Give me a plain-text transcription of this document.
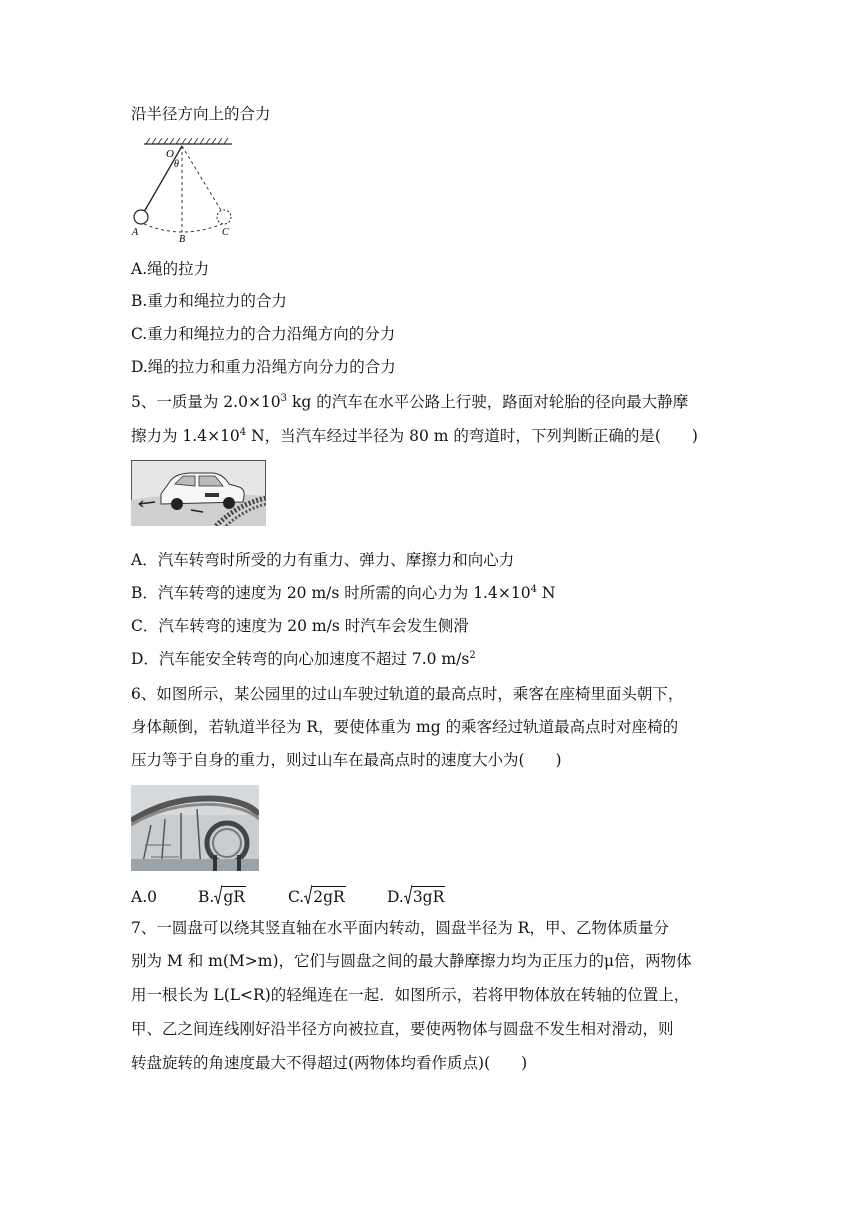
沿半径方向上的合力
O
θ
A
B
C
A.绳的拉力
B.重力和绳拉力的合力
C.重力和绳拉力的合力沿绳方向的分力
D.绳的拉力和重力沿绳方向分力的合力
5、一质量为 $2.0\times 10^3$ kg 的汽车在水平公路上行驶，路面对轮胎的径向最大静摩
擦力为 $1.4\times 10^4$ N，当汽车经过半径为 80 m 的弯道时，下列判断正确的是(　　)
A．汽车转弯时所受的力有重力、弹力、摩擦力和向心力
B．汽车转弯的速度为 20 m/s 时所需的向心力为 $1.4\times 10^4$ N
C．汽车转弯的速度为 20 m/s 时汽车会发生侧滑
D．汽车能安全转弯的向心加速度不超过 7.0 $m/s^2$
6、如图所示，某公园里的过山车驶过轨道的最高点时，乘客在座椅里面头朝下，
身体颠倒，若轨道半径为 R，要使体重为 mg 的乘客经过轨道最高点时对座椅的
压力等于自身的重力，则过山车在最高点时的速度大小为(　　)
A.0	B. gR	C. 2gR	D. 3gR
7、一圆盘可以绕其竖直轴在水平面内转动，圆盘半径为 R，甲、乙物体质量分
别为 M 和 m(M>m)，它们与圆盘之间的最大静摩擦力均为正压力的μ倍，两物体
用一根长为 L(L<R)的轻绳连在一起．如图所示，若将甲物体放在转轴的位置上，
甲、乙之间连线刚好沿半径方向被拉直，要使两物体与圆盘不发生相对滑动，则
转盘旋转的角速度最大不得超过(两物体均看作质点)(　　)
